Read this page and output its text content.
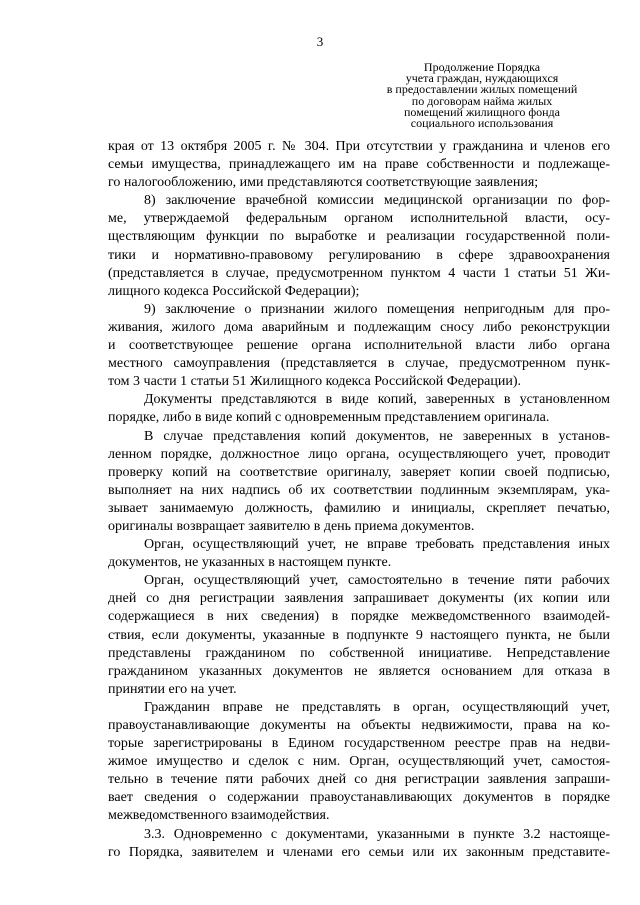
3
Продолжение Порядка
учета граждан, нуждающихся
в предоставлении жилых помещений
по договорам найма жилых
помещений жилищного фонда
социального использования

края от 13 октября 2005 г. № 304. При отсутствии у гражданина и членов его
семьи имущества, принадлежащего им на праве собственности и подлежаще-
го налогообложению, ими представляются соответствующие заявления;

8) заключение врачебной комиссии медицинской организации по фор-
ме, утверждаемой федеральным органом исполнительной власти, осу-
ществляющим функции по выработке и реализации государственной поли-
тики и нормативно-правовому регулированию в сфере здравоохранения
(представляется в случае, предусмотренном пунктом 4 части 1 статьи 51 Жи-
лищного кодекса Российской Федерации);

9) заключение о признании жилого помещения непригодным для про-
живания, жилого дома аварийным и подлежащим сносу либо реконструкции
и соответствующее решение органа исполнительной власти либо органа
местного самоуправления (представляется в случае, предусмотренном пунк-
том 3 части 1 статьи 51 Жилищного кодекса Российской Федерации).

Документы представляются в виде копий, заверенных в установленном
порядке, либо в виде копий с одновременным представлением оригинала.

В случае представления копий документов, не заверенных в установ-
ленном порядке, должностное лицо органа, осуществляющего учет, проводит
проверку копий на соответствие оригиналу, заверяет копии своей подписью,
выполняет на них надпись об их соответствии подлинным экземплярам, ука-
зывает занимаемую должность, фамилию и инициалы, скрепляет печатью,
оригиналы возвращает заявителю в день приема документов.

Орган, осуществляющий учет, не вправе требовать представления иных
документов, не указанных в настоящем пункте.

Орган, осуществляющий учет, самостоятельно в течение пяти рабочих
дней со дня регистрации заявления запрашивает документы (их копии или
содержащиеся в них сведения) в порядке межведомственного взаимодей-
ствия, если документы, указанные в подпункте 9 настоящего пункта, не были
представлены гражданином по собственной инициативе. Непредставление
гражданином указанных документов не является основанием для отказа в
принятии его на учет.

Гражданин вправе не представлять в орган, осуществляющий учет,
правоустанавливающие документы на объекты недвижимости, права на ко-
торые зарегистрированы в Едином государственном реестре прав на недви-
жимое имущество и сделок с ним. Орган, осуществляющий учет, самостоя-
тельно в течение пяти рабочих дней со дня регистрации заявления запраши-
вает сведения о содержании правоустанавливающих документов в порядке
межведомственного взаимодействия.

3.3. Одновременно с документами, указанными в пункте 3.2 настояще-
го Порядка, заявителем и членами его семьи или их законным представите-
